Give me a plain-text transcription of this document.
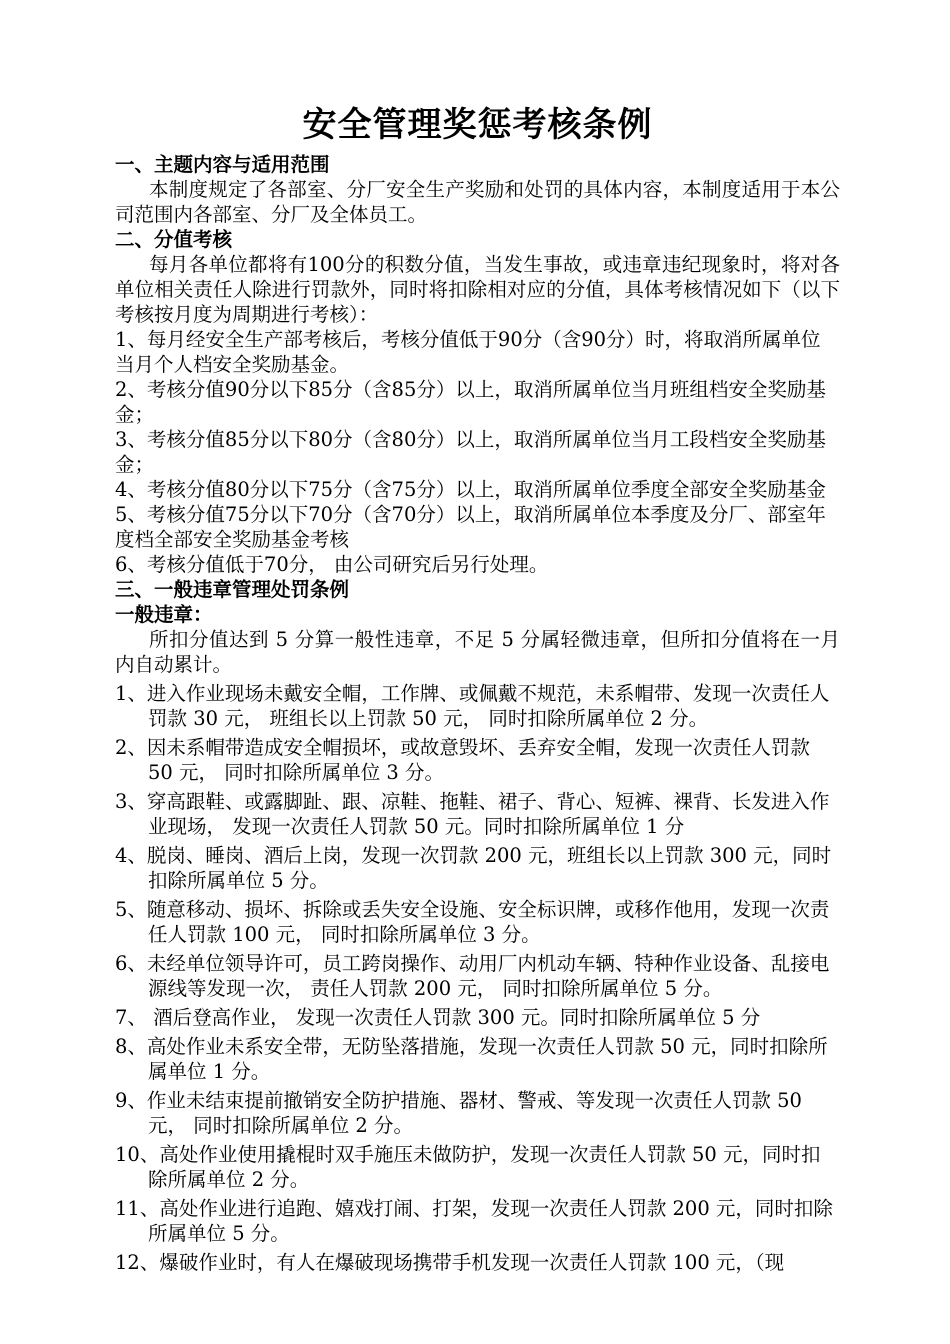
安全管理奖惩考核条例

一、主题内容与适用范围

本制度规定了各部室、分厂安全生产奖励和处罚的具体内容，本制度适用于本公司范围内各部室、分厂及全体员工。

二、分值考核

每月各单位都将有100分的积数分值，当发生事故，或违章违纪现象时，将对各单位相关责任人除进行罚款外，同时将扣除相对应的分值，具体考核情况如下（以下考核按月度为周期进行考核）：

1、每月经安全生产部考核后，考核分值低于90分（含90分）时，将取消所属单位当月个人档安全奖励基金。

2、考核分值90分以下85分（含85分）以上，取消所属单位当月班组档安全奖励基金；

3、考核分值85分以下80分（含80分）以上，取消所属单位当月工段档安全奖励基金；

4、考核分值80分以下75分（含75分）以上，取消所属单位季度全部安全奖励基金

5、考核分值75分以下70分（含70分）以上，取消所属单位本季度及分厂、部室年度档全部安全奖励基金考核

6、考核分值低于70分， 由公司研究后另行处理。

三、一般违章管理处罚条例

一般违章：

所扣分值达到 5 分算一般性违章，不足 5 分属轻微违章，但所扣分值将在一月内自动累计。

1、进入作业现场未戴安全帽，工作牌、或佩戴不规范，未系帽带、发现一次责任人罚款 30 元， 班组长以上罚款 50 元， 同时扣除所属单位 2 分。

2、因未系帽带造成安全帽损坏，或故意毁坏、丢弃安全帽，发现一次责任人罚款 50 元， 同时扣除所属单位 3 分。

3、穿高跟鞋、或露脚趾、跟、凉鞋、拖鞋、裙子、背心、短裤、裸背、长发进入作业现场， 发现一次责任人罚款 50 元。同时扣除所属单位 1 分

4、脱岗、睡岗、酒后上岗，发现一次罚款 200 元，班组长以上罚款 300 元，同时扣除所属单位 5 分。

5、随意移动、损坏、拆除或丢失安全设施、安全标识牌，或移作他用，发现一次责任人罚款 100 元， 同时扣除所属单位 3 分。

6、未经单位领导许可，员工跨岗操作、动用厂内机动车辆、特种作业设备、乱接电源线等发现一次， 责任人罚款 200 元， 同时扣除所属单位 5 分。

7、 酒后登高作业， 发现一次责任人罚款 300 元。同时扣除所属单位 5 分

8、高处作业未系安全带，无防坠落措施，发现一次责任人罚款 50 元，同时扣除所属单位 1 分。

9、作业未结束提前撤销安全防护措施、器材、警戒、等发现一次责任人罚款 50 元， 同时扣除所属单位 2 分。

10、高处作业使用撬棍时双手施压未做防护，发现一次责任人罚款 50 元，同时扣除所属单位 2 分。

11、高处作业进行追跑、嬉戏打闹、打架，发现一次责任人罚款 200 元，同时扣除所属单位 5 分。

12、爆破作业时，有人在爆破现场携带手机发现一次责任人罚款 100 元，（现
